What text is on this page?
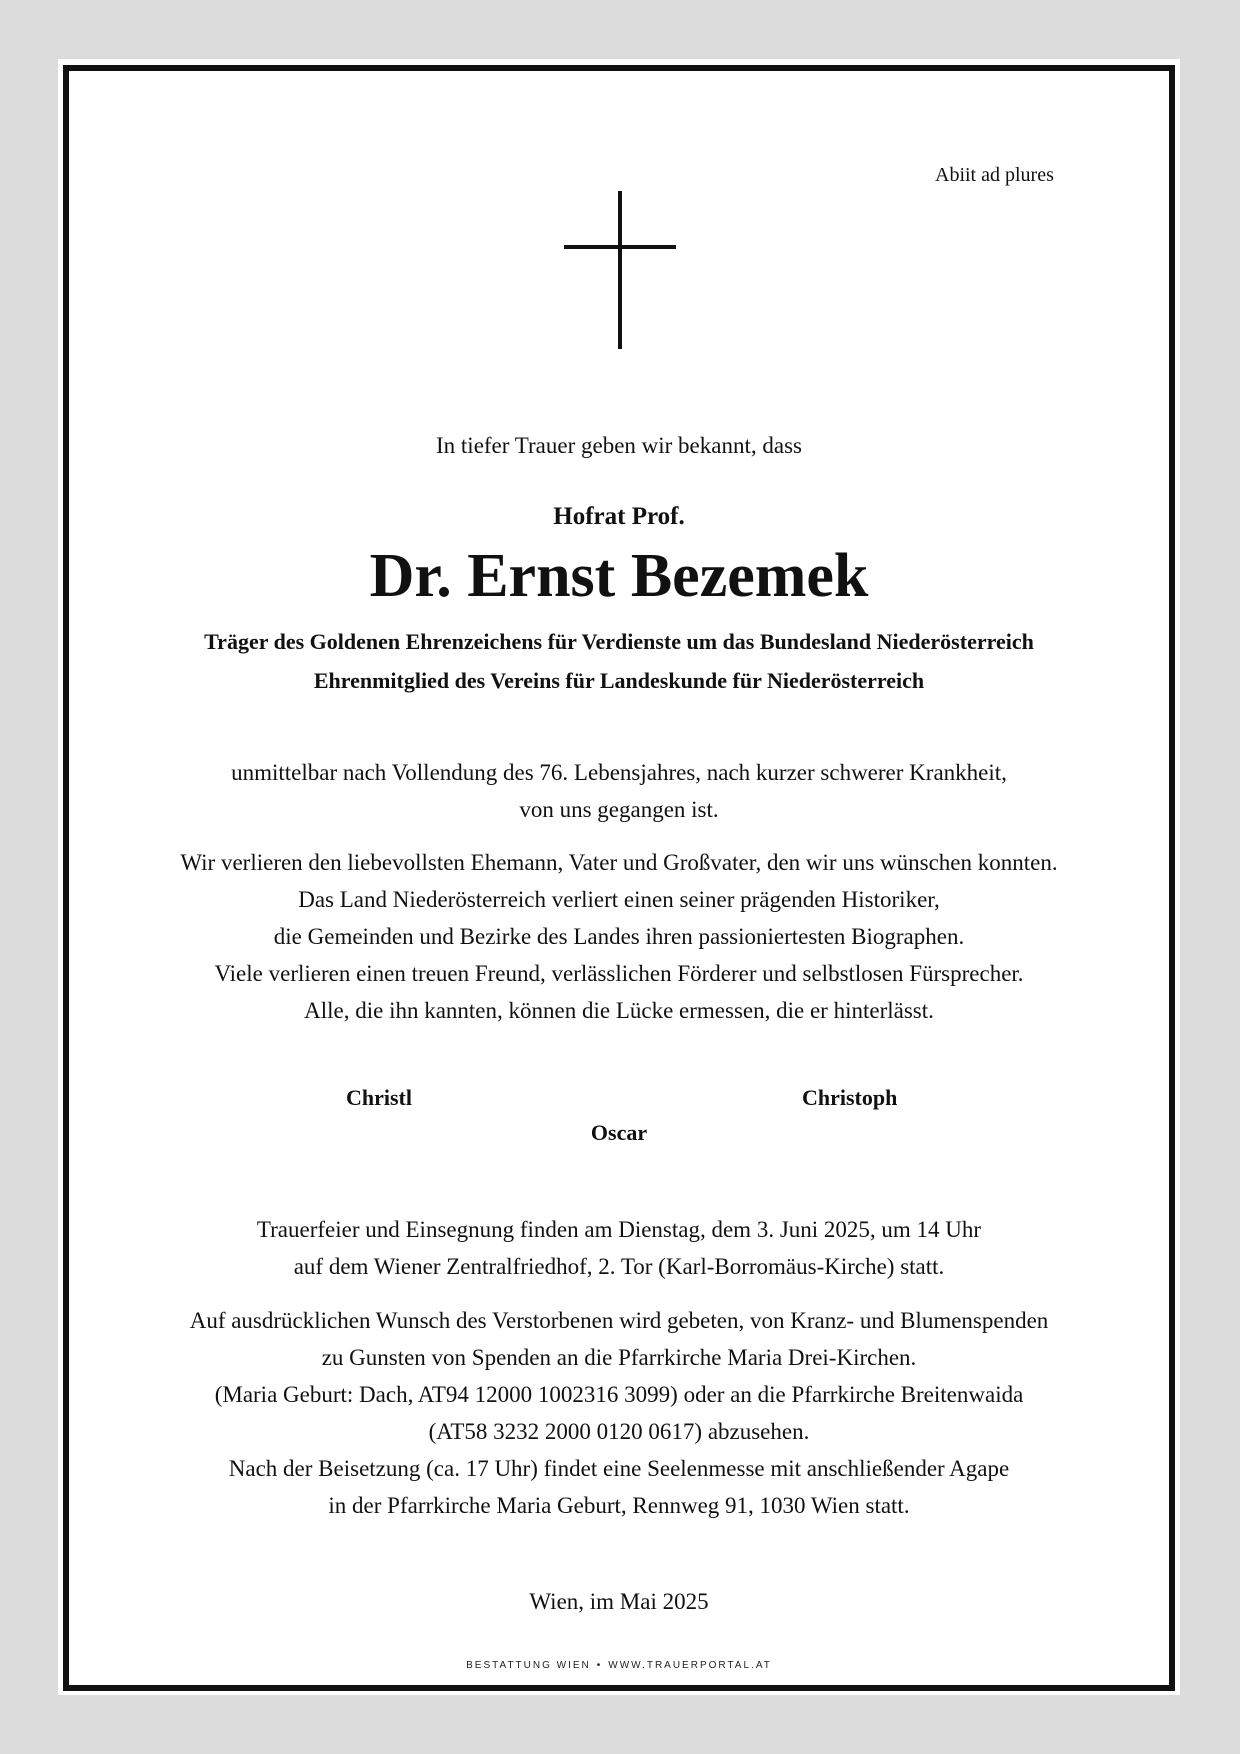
Abiit ad plures
In tiefer Trauer geben wir bekannt, dass
Hofrat Prof.
Dr. Ernst Bezemek
Träger des Goldenen Ehrenzeichens für Verdienste um das Bundesland Niederösterreich
Ehrenmitglied des Vereins für Landeskunde für Niederösterreich
unmittelbar nach Vollendung des 76. Lebensjahres, nach kurzer schwerer Krankheit,
von uns gegangen ist.
Wir verlieren den liebevollsten Ehemann, Vater und Großvater, den wir uns wünschen konnten.
Das Land Niederösterreich verliert einen seiner prägenden Historiker,
die Gemeinden und Bezirke des Landes ihren passioniertesten Biographen.
Viele verlieren einen treuen Freund, verlässlichen Förderer und selbstlosen Fürsprecher.
Alle, die ihn kannten, können die Lücke ermessen, die er hinterlässt.
Christl	Christoph
Oscar
Trauerfeier und Einsegnung finden am Dienstag, dem 3. Juni 2025, um 14 Uhr
auf dem Wiener Zentralfriedhof, 2. Tor (Karl-Borromäus-Kirche) statt.
Auf ausdrücklichen Wunsch des Verstorbenen wird gebeten, von Kranz- und Blumenspenden
zu Gunsten von Spenden an die Pfarrkirche Maria Drei-Kirchen.
(Maria Geburt: Dach, AT94 12000 1002316 3099) oder an die Pfarrkirche Breitenwaida
(AT58 3232 2000 0120 0617) abzusehen.
Nach der Beisetzung (ca. 17 Uhr) findet eine Seelenmesse mit anschließender Agape
in der Pfarrkirche Maria Geburt, Rennweg 91, 1030 Wien statt.
Wien, im Mai 2025
BESTATTUNG WIEN • WWW.TRAUERPORTAL.AT
